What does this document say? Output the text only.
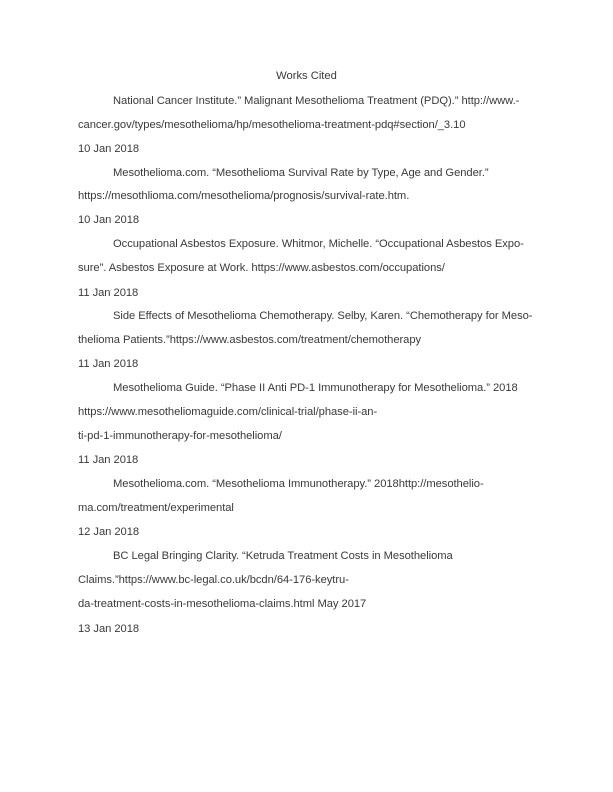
Works Cited
National Cancer Institute.” Malignant Mesothelioma Treatment (PDQ).” http://www.-
cancer.gov/types/mesothelioma/hp/mesothelioma-treatment-pdq#section/_3.10
10 Jan 2018
Mesothelioma.com. “Mesothelioma Survival Rate by Type, Age and Gender.”
https://mesothlioma.com/mesothelioma/prognosis/survival-rate.htm.
10 Jan 2018
Occupational Asbestos Exposure. Whitmor, Michelle. “Occupational Asbestos Expo-
sure”. Asbestos Exposure at Work. https://www.asbestos.com/occupations/
11 Jan 2018
Side Effects of Mesothelioma Chemotherapy. Selby, Karen. “Chemotherapy for Meso-
thelioma Patients.”https://www.asbestos.com/treatment/chemotherapy
11 Jan 2018
Mesothelioma Guide. “Phase II Anti PD-1 Immunotherapy for Mesothelioma.” 2018
https://www.mesotheliomaguide.com/clinical-trial/phase-ii-an-
ti-pd-1-immunotherapy-for-mesothelioma/
11 Jan 2018
Mesothelioma.com. “Mesothelioma Immunotherapy.” 2018http://mesothelio-
ma.com/treatment/experimental
12 Jan 2018
BC Legal Bringing Clarity. “Ketruda Treatment Costs in Mesothelioma
Claims.”https://www.bc-legal.co.uk/bcdn/64-176-keytru-
da-treatment-costs-in-mesothelioma-claims.html May 2017
13 Jan 2018
